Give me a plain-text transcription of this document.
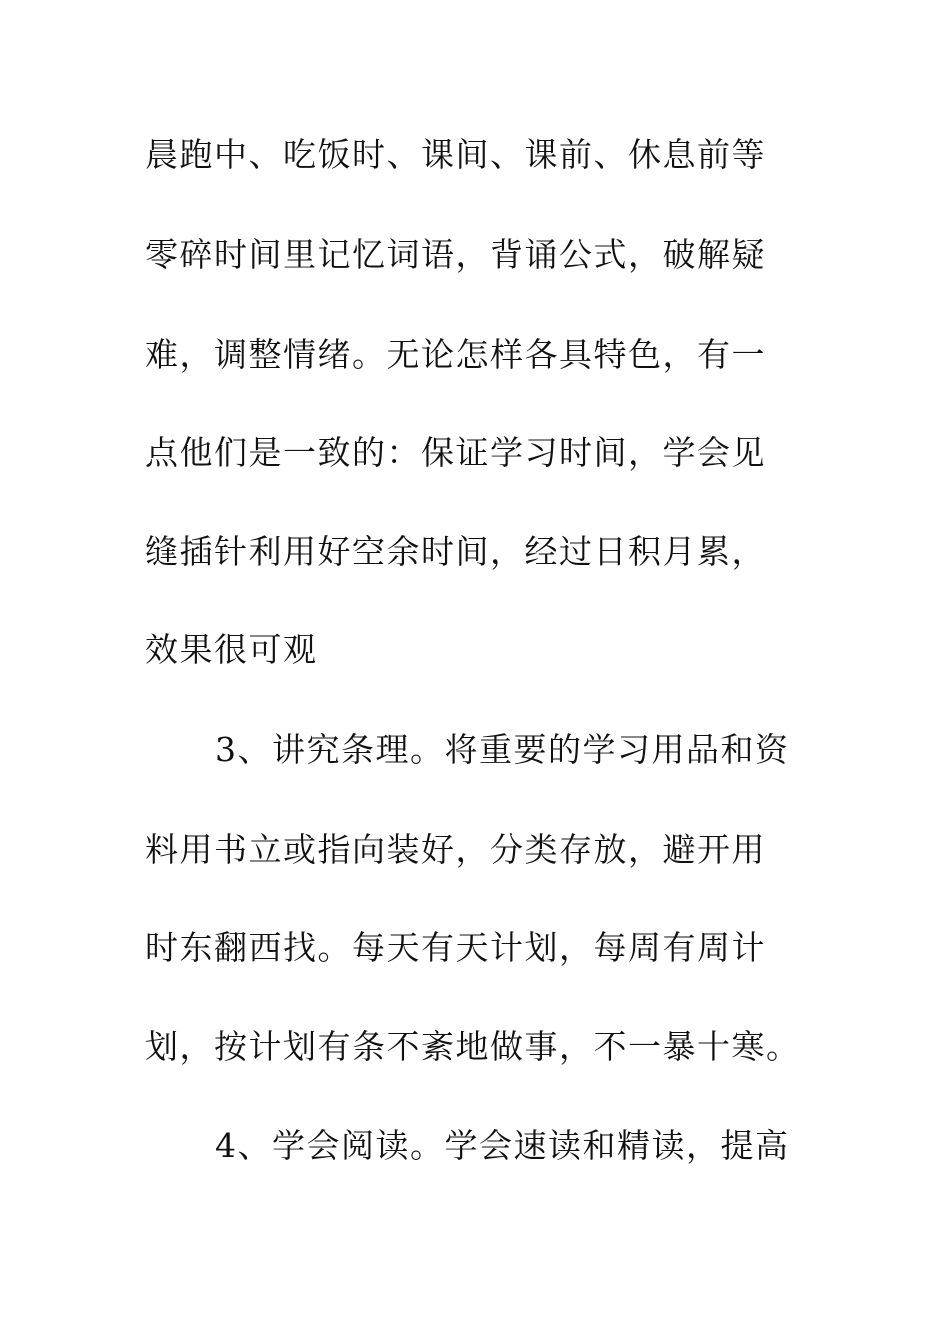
晨跑中、吃饭时、课间、课前、休息前等
零碎时间里记忆词语，背诵公式，破解疑
难，调整情绪。无论怎样各具特色，有一
点他们是一致的：保证学习时间，学会见
缝插针利用好空余时间，经过日积月累，
效果很可观
3、讲究条理。将重要的学习用品和资
料用书立或指向装好，分类存放，避开用
时东翻西找。每天有天计划，每周有周计
划，按计划有条不紊地做事，不一暴十寒。
4、学会阅读。学会速读和精读，提高
